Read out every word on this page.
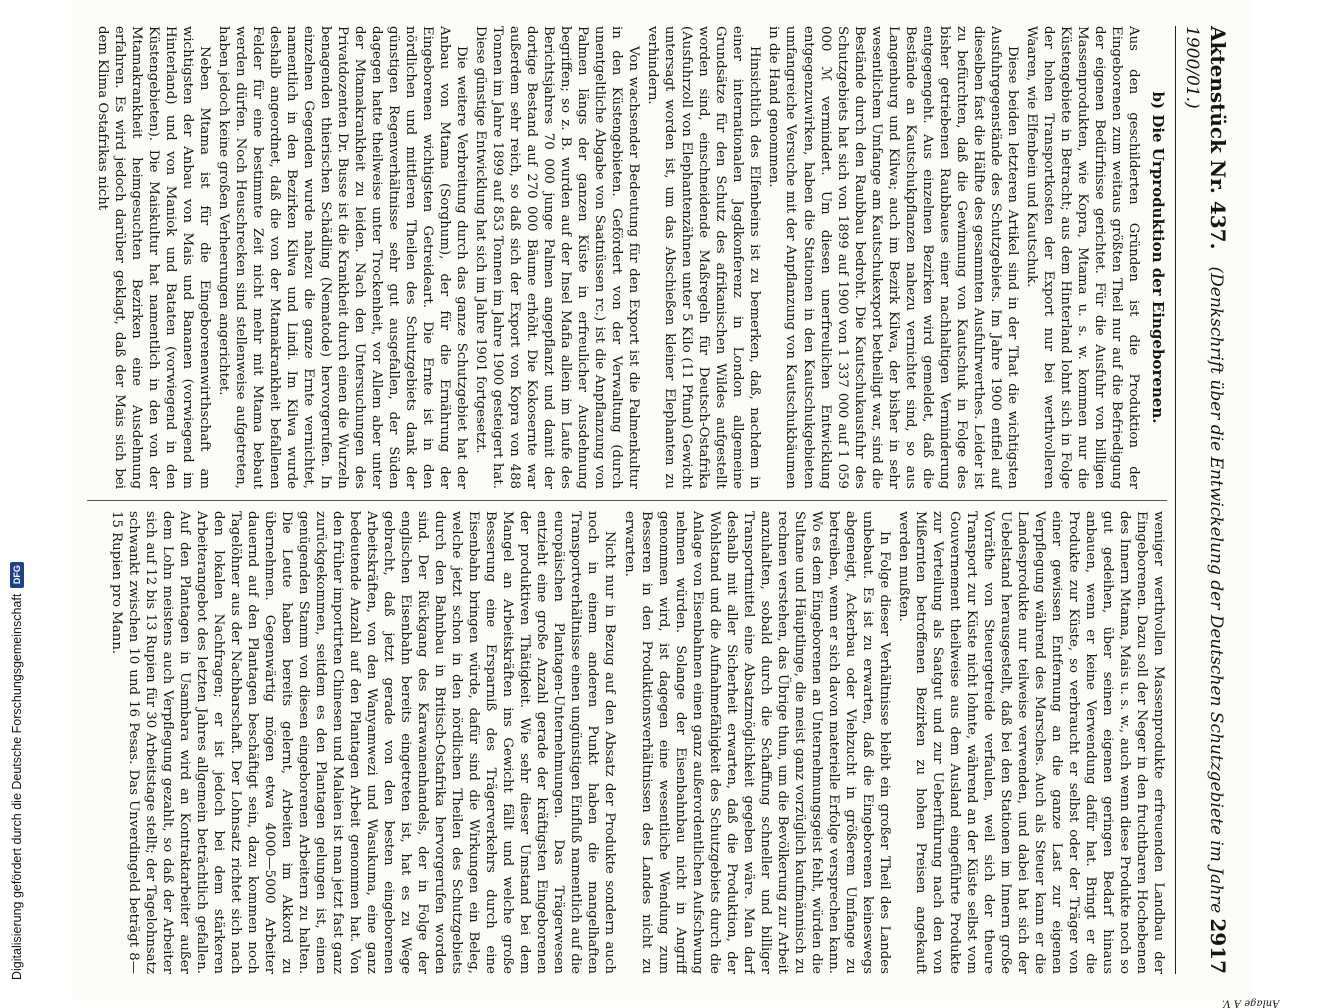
Digitalisierung gefördert durch die Deutsche Forschungsgemeinschaft
DFG
Aktenstück Nr. 437. (Denkschrift über die Entwickelung der Deutschen Schutzgebiete im Jahre 1900/01.)
2917
Anlage A V.
b) Die Urproduktion der Eingeborenen.

Aus den geschilderten Gründen ist die Produktion der Eingeborenen zum weitaus größten Theil nur auf die Befriedigung der eigenen Bedürfnisse gerichtet. Für die Ausfuhr von billigen Massenprodukten, wie Kopra, Mtama u. s. w. kommen nur die Küstengebiete in Betracht; aus dem Hinterland lohnt sich in Folge der hohen Transportkosten der Export nur bei werthvolleren Waaren, wie Elfenbein und Kautschuk.

Diese beiden letzteren Artikel sind in der That die wichtigsten Ausfuhrgegenstände des Schutzgebiets. Im Jahre 1900 entfiel auf dieselben fast die Hälfte des gesammten Ausfuhrwerthes. Leider ist zu befürchten, daß die Gewinnung von Kautschuk in Folge des bisher getriebenen Raubbaues einer nachhaltigen Verminderung entgegengeht. Aus einzelnen Bezirken wird gemeldet, daß die Bestände an Kautschukpflanzen nahezu vernichtet sind, so aus Langenburg und Kilwa; auch im Bezirk Kilwa, der bisher in sehr wesentlichem Umfange am Kautschukexport betheiligt war, sind die Bestände durch den Raubbau bedroht. Die Kautschukausfuhr des Schutzgebiets hat sich von 1899 auf 1900 von 1 337 000 auf 1 059 000 ℳ vermindert. Um diesen unerfreulichen Entwicklung entgegenzuwirken, haben die Stationen in den Kautschukgebieten umfangreiche Versuche mit der Anpflanzung von Kautschukbäumen in die Hand genommen.

Hinsichtlich des Elfenbeins ist zu bemerken, daß, nachdem in einer internationalen Jagdkonferenz in London allgemeine Grundsätze für den Schutz des afrikanischen Wildes aufgestellt worden sind, einschneidende Maßregeln für Deutsch-Ostafrika (Ausfuhrzoll von Elephantenzähnen unter 5 Kilo (11 Pfund) Gewicht untersagt worden ist, um das Abschießen kleiner Elephanten zu verhindern.

Von wachsender Bedeutung für den Export ist die Palmenkultur in den Küstengebieten. Gefördert von der Verwaltung (durch unentgeltliche Abgabe von Saatnüssen rc.) ist die Anpflanzung von Palmen längs der ganzen Küste in erfreulicher Ausdehnung begriffen; so z. B. wurden auf der Insel Mafia allein im Laufe des Berichtsjahres 70 000 junge Palmen angepflanzt und damit der dortige Bestand auf 270 000 Bäume erhöht. Die Kokosernte war außerdem sehr reich, so daß sich der Export von Kopra von 488 Tonnen im Jahre 1899 auf 853 Tonnen im Jahre 1900 gesteigert hat. Diese günstige Entwicklung hat sich im Jahre 1901 fortgesetzt.

Die weitere Verbreitung durch das ganze Schutzgebiet hat der Anbau von Mtama (Sorghum), der für die Ernährung der Eingeborenen wichtigsten Getreideart. Die Ernte ist in den nördlichen und mittleren Theilen des Schutzgebiets dank der günstigen Regenverhältnisse sehr gut ausgefallen, der Süden dagegen hatte theilweise unter Trockenheit, vor Allem aber unter der Mtamakrankheit zu leiden. Nach den Untersuchungen des Privatdozenten Dr. Busse ist die Krankheit durch einen die Wurzeln benagenden thierischen Schädling (Nematode) hervorgerufen. In einzelnen Gegenden wurde nahezu die ganze Ernte vernichtet, namentlich in den Bezirken Kilwa und Lindi. Im Kilwa wurde deshalb angeordnet, daß die von der Mtamakrankheit befallenen Felder für eine bestimmte Zeit nicht mehr mit Mtama bebaut werden dürfen. Noch Heuschrecken sind stellenweise aufgetreten, haben jedoch keine großen Verheerungen angerichtet.

Neben Mtama ist für die Eingeborenenwirthschaft am wichtigsten der Anbau von Mais und Bananen (vorwiegend im Hinterland) und von Maniok und Bataten (vorwiegend in den Küstengebieten). Die Maiskultur hat namentlich in den von der Mtamakrankheit heimgesuchten Bezirken eine Ausdehnung erfahren. Es wird jedoch darüber geklagt, daß der Mais sich bei dem Klima Ostafrikas nicht

weniger werthvollen Massenprodukte erfreuenden Landbau der Eingeborenen. Dazu soll der Neger in den fruchtbaren Hochebenen des Innern Mtama, Mais u. s. w., auch wenn diese Produkte noch so gut gedeihen, über seinen eigenen geringen Bedarf hinaus anbauen, wenn er keine Verwendung dafür hat. Bringt er die Produkte zur Küste, so verbraucht er selbst oder der Träger von einer gewissen Entfernung an die ganze Last zur eigenen Verpflegung während des Marsches. Auch als Steuer kann er die Landesprodukte nur teilweise verwenden, und dabei hat sich der Uebelstand herausgestellt, daß bei den Stationen im Innern große Vorräthe von Steuergetreide verfaulen, weil sich der theure Transport zur Küste nicht lohnte, während an der Küste selbst vom Gouvernement theilweise aus dem Ausland eingeführte Produkte zur Verteilung als Saatgut und zur Ueberführung nach den von Mißernten betroffenen Bezirken zu hohen Preisen angekauft werden mußten.

In Folge dieser Verhältnisse bleibt ein großer Theil des Landes unbebaut. Es ist zu erwarten, daß die Eingeborenen keineswegs abgeneigt, Ackerbau oder Viehzucht in größerem Umfange zu betreiben, wenn er sich davon materielle Erfolge versprechen kann. Wo es dem Eingeborenen an Unternehmungsgeist fehlt, würden die Sultane und Häuptlinge, die meist ganz vorzüglich kaufmännisch zu rechnen verstehen, das Übrige thun, um die Bevölkerung zur Arbeit anzuhalten, sobald durch die Schaffung schneller und billiger Transportmittel eine Absatzmöglichkeit gegeben wäre. Man darf deshalb mit aller Sicherheit erwarten, daß die Produktion, der Wohlstand und die Aufnahmefähigkeit des Schutzgebiets durch die Anlage von Eisenbahnen einen ganz außerordentlichen Aufschwung nehmen würden. Solange der Eisenbahnbau nicht in Angriff genommen wird, ist dagegen eine wesentliche Wendung zum Besseren in den Produktionsverhältnissen des Landes nicht zu erwarten.

Nicht nur in Bezug auf den Absatz der Produkte sondern auch noch in einem anderen Punkt haben die mangelhaften Transportverhältnisse einen ungünstigen Einfluß namentlich auf die europäischen Plantagen-Unternehmungen. Das Trägerwesen entzieht eine große Anzahl gerade der kräftigsten Eingeborenen der produktiven Thätigkeit. Wie sehr dieser Umstand bei dem Mangel an Arbeitskräften ins Gewicht fällt und welche große Besserung eine Ersparniß des Trägerverkehrs durch eine Eisenbahn bringen würde, dafür sind die Wirkungen ein Beleg, welche jetzt schon in den nördlichen Theilen des Schutzgebiets durch den Bahnbau in Britisch-Ostafrika hervorgerufen worden sind. Der Rückgang des Karawanenhandels, der in Folge der englischen Eisenbahn bereits eingetreten ist, hat es zu Wege gebracht, daß jetzt gerade von den besten eingeborenen Arbeitskräften, von den Wanyamwezi und Wasukuma, eine ganz bedeutende Anzahl auf den Plantagen Arbeit genommen hat. Von den früher importirten Chinesen und Malaien ist man jetzt fast ganz zurückgekommen, seitdem es den Plantagen gelungen ist, einen genügenden Stamm von diesen eingeborenen Arbeitern zu halten. Die Leute haben bereits gelernt, Arbeiten im Akkord zu übernehmen. Gegenwärtig mögen etwa 4000—5000 Arbeiter dauernd auf den Plantagen beschäftigt sein, dazu kommen noch Tagelöhner aus der Nachbarschaft. Der Lohnsatz richtet sich nach den lokalen Nachfragen; er ist jedoch bei dem stärkeren Arbeiterangebot des letzten Jahres allgemein beträchtlich gefallen. Auf den Plantagen in Usambara wird an Kontraktarbeiter außer dem Lohn meistens auch Verpflegung gezahlt, so daß der Arbeiter sich auf 12 bis 13 Rupien für 30 Arbeitstage stellt; der Tagelohnsatz schwankt zwischen 10 und 16 Pesas. Das Unverdingeld beträgt 8—15 Rupien pro Mann.
